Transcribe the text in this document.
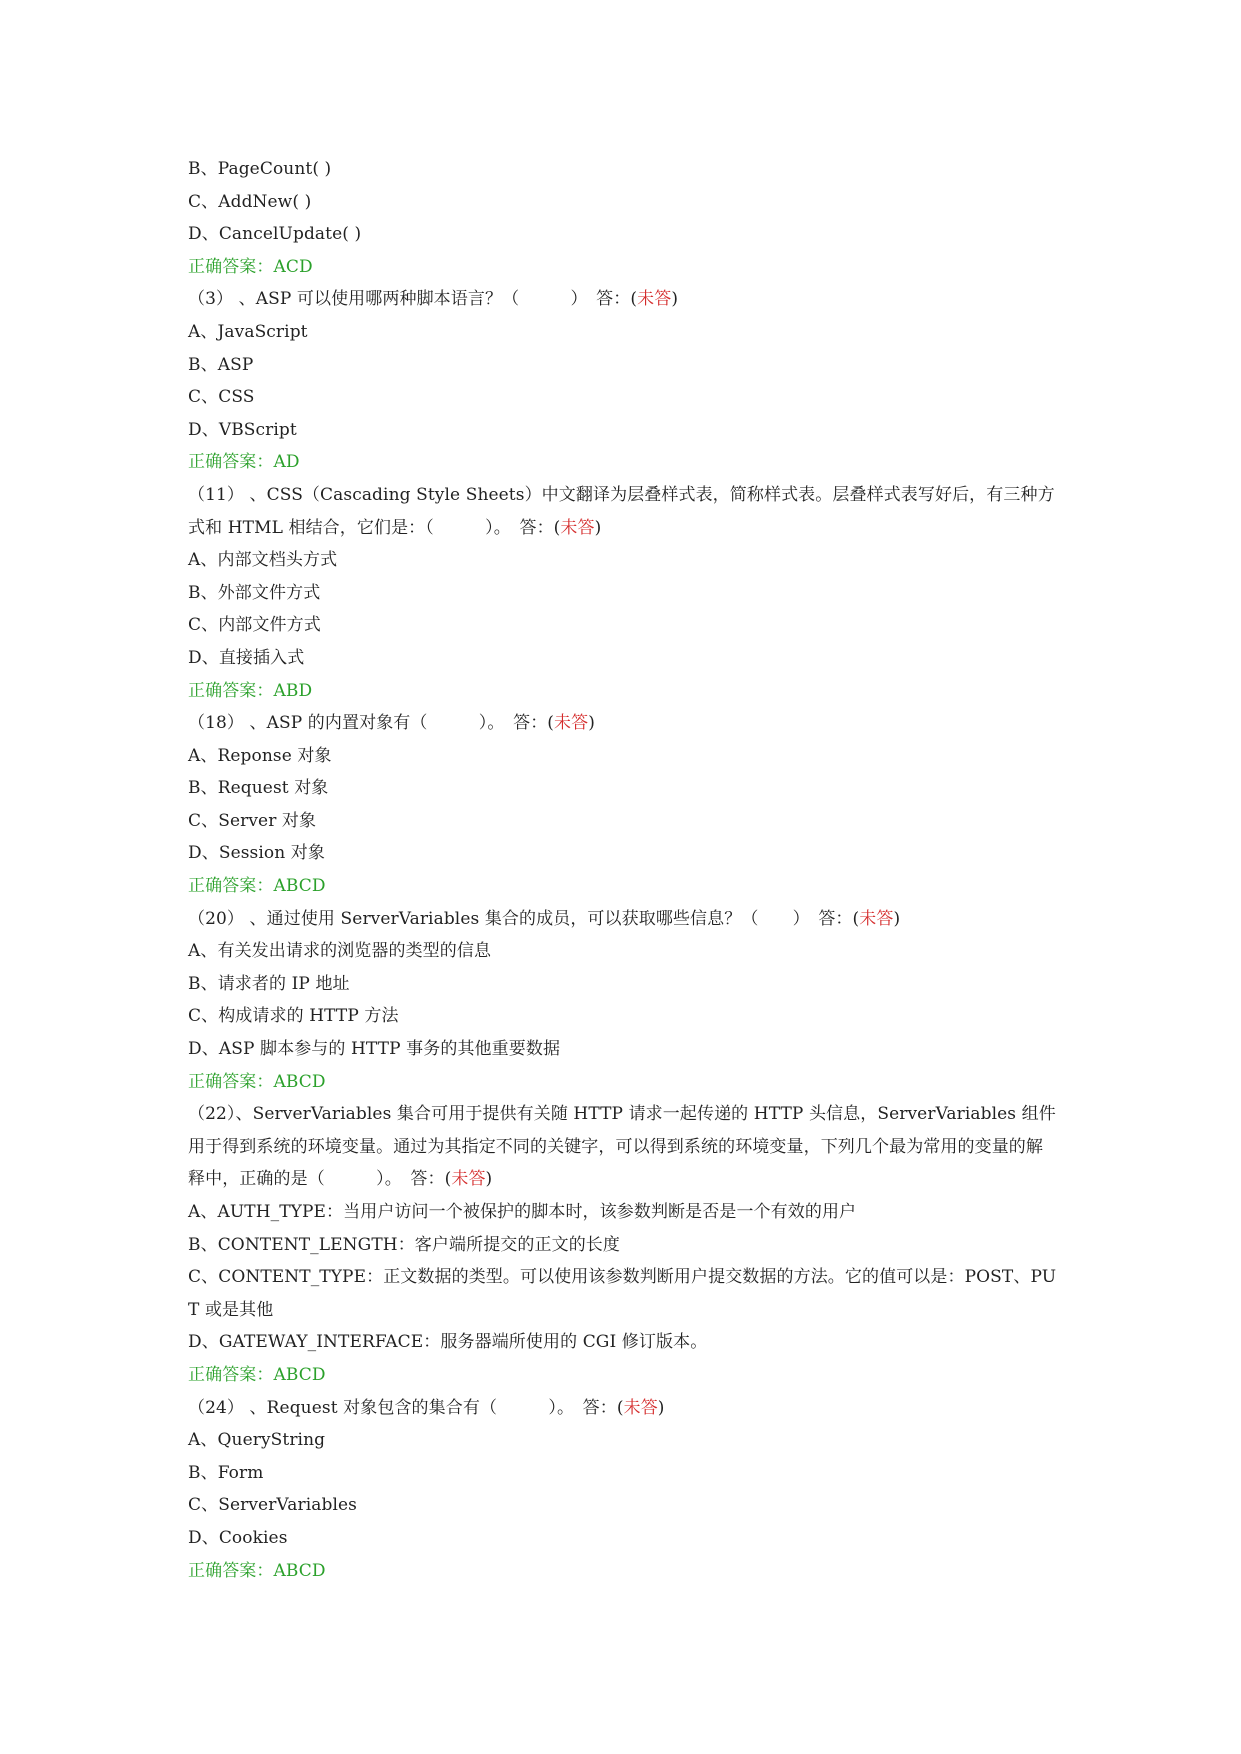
B、PageCount( )
C、AddNew( )
D、CancelUpdate( )
正确答案：ACD
（3） 、ASP 可以使用哪两种脚本语言？（　　　）　答：(未答)
A、JavaScript
B、ASP
C、CSS
D、VBScript
正确答案：AD
（11） 、CSS（Cascading Style Sheets）中文翻译为层叠样式表，简称样式表。层叠样式表写好后，有三种方式和 HTML 相结合，它们是：（　　　）。　答：(未答)
A、内部文档头方式
B、外部文件方式
C、内部文件方式
D、直接插入式
正确答案：ABD
（18） 、ASP 的内置对象有（　　　）。　答：(未答)
A、Reponse 对象
B、Request 对象
C、Server 对象
D、Session 对象
正确答案：ABCD
（20） 、通过使用 ServerVariables 集合的成员，可以获取哪些信息？（　　）　答：(未答)
A、有关发出请求的浏览器的类型的信息
B、请求者的 IP 地址
C、构成请求的 HTTP 方法
D、ASP 脚本参与的 HTTP 事务的其他重要数据
正确答案：ABCD
（22）、ServerVariables 集合可用于提供有关随 HTTP 请求一起传递的 HTTP 头信息，ServerVariables 组件用于得到系统的环境变量。通过为其指定不同的关键字，可以得到系统的环境变量，下列几个最为常用的变量的解释中，正确的是（　　　）。　答：(未答)
A、AUTH_TYPE：当用户访问一个被保护的脚本时，该参数判断是否是一个有效的用户
B、CONTENT_LENGTH：客户端所提交的正文的长度
C、CONTENT_TYPE：正文数据的类型。可以使用该参数判断用户提交数据的方法。它的值可以是：POST、PUT 或是其他
D、GATEWAY_INTERFACE：服务器端所使用的 CGI 修订版本。
正确答案：ABCD
（24） 、Request 对象包含的集合有（　　　）。　答：(未答)
A、QueryString
B、Form
C、ServerVariables
D、Cookies
正确答案：ABCD
